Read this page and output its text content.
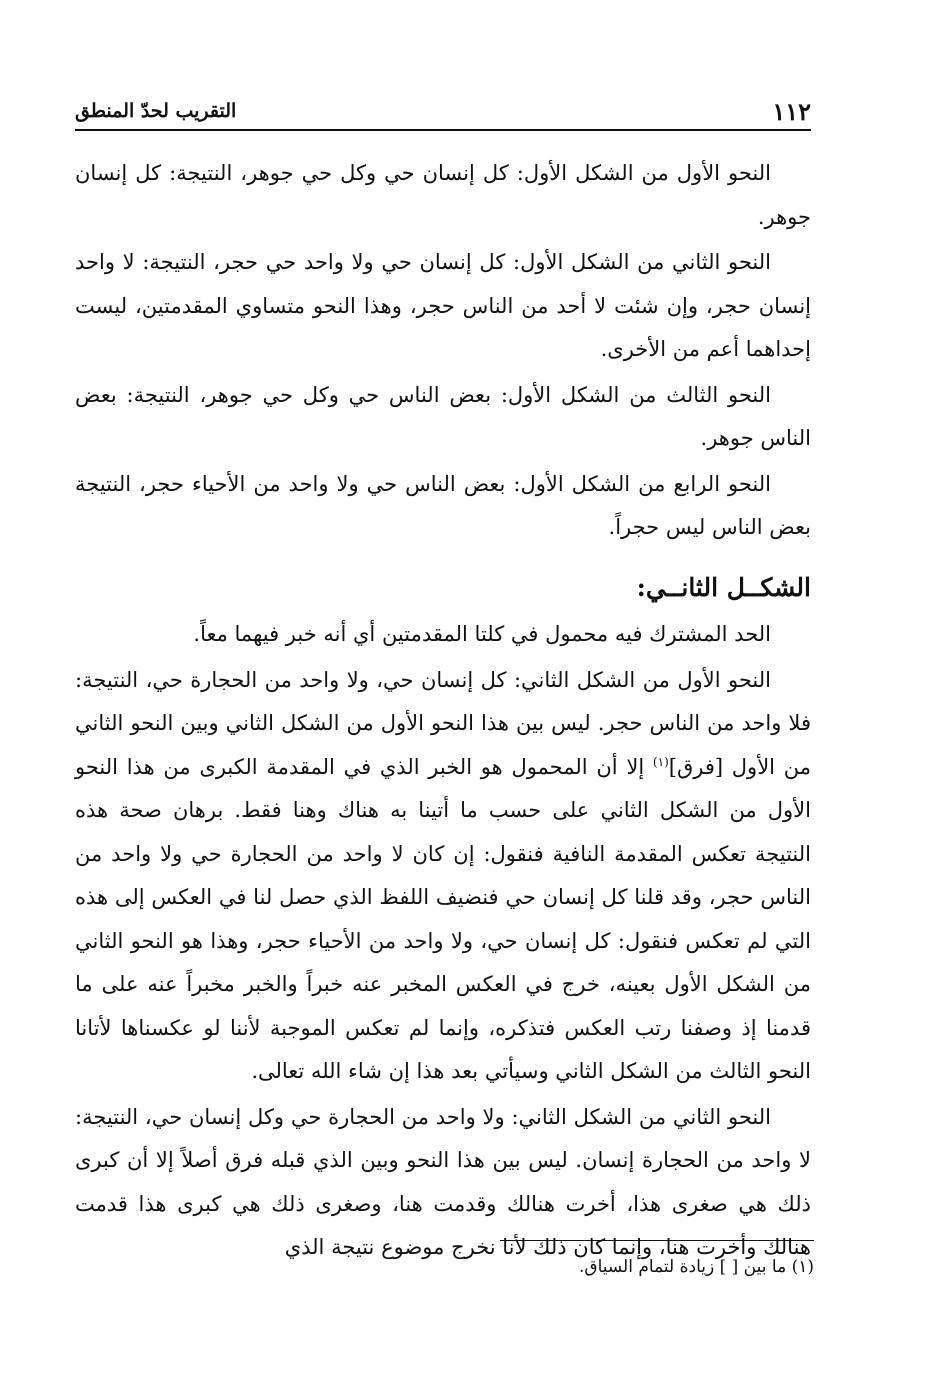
١١٢
التقريب لحدّ المنطق

النحو الأول من الشكل الأول: كل إنسان حي وكل حي جوهر، النتيجة: كل إنسان جوهر.

النحو الثاني من الشكل الأول: كل إنسان حي ولا واحد حي حجر، النتيجة: لا واحد إنسان حجر، وإن شئت لا أحد من الناس حجر، وهذا النحو متساوي المقدمتين، ليست إحداهما أعم من الأخرى.

النحو الثالث من الشكل الأول: بعض الناس حي وكل حي جوهر، النتيجة: بعض الناس جوهر.

النحو الرابع من الشكل الأول: بعض الناس حي ولا واحد من الأحياء حجر، النتيجة بعض الناس ليس حجراً.

الشكــل الثانــي:

الحد المشترك فيه محمول في كلتا المقدمتين أي أنه خبر فيهما معاً.

النحو الأول من الشكل الثاني: كل إنسان حي، ولا واحد من الحجارة حي، النتيجة: فلا واحد من الناس حجر. ليس بين هذا النحو الأول من الشكل الثاني وبين النحو الثاني من الأول [فرق]$^{(١)}$ إلا أن المحمول هو الخبر الذي في المقدمة الكبرى من هذا النحو الأول من الشكل الثاني على حسب ما أتينا به هناك وهنا فقط. برهان صحة هذه النتيجة تعكس المقدمة النافية فنقول: إن كان لا واحد من الحجارة حي ولا واحد من الناس حجر، وقد قلنا كل إنسان حي فنضيف اللفظ الذي حصل لنا في العكس إلى هذه التي لم تعكس فنقول: كل إنسان حي، ولا واحد من الأحياء حجر، وهذا هو النحو الثاني من الشكل الأول بعينه، خرج في العكس المخبر عنه خبراً والخبر مخبراً عنه على ما قدمنا إذ وصفنا رتب العكس فتذكره، وإنما لم تعكس الموجبة لأننا لو عكسناها لأتانا النحو الثالث من الشكل الثاني وسيأتي بعد هذا إن شاء الله تعالى.

النحو الثاني من الشكل الثاني: ولا واحد من الحجارة حي وكل إنسان حي، النتيجة: لا واحد من الحجارة إنسان. ليس بين هذا النحو وبين الذي قبله فرق أصلاً إلا أن كبرى ذلك هي صغرى هذا، أخرت هنالك وقدمت هنا، وصغرى ذلك هي كبرى هذا قدمت هنالك وأخرت هنا، وإنما كان ذلك لأنا نخرج موضوع نتيجة الذي

(١) ما بين [ ] زيادة لتمام السياق.
